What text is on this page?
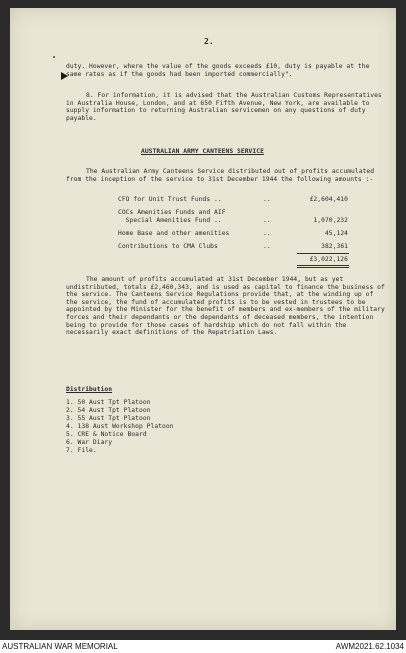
2.
duty. However, where the value of the goods exceeds £10, duty is payable at the same rates as if the goods had been imported commercially".
8. For information, it is advised that the Australian Customs Representatives in Australia House, London, and at 650 Fifth Avenue, New York, are available to supply information to returning Australian servicemen on any questions of duty payable.
AUSTRALIAN ARMY CANTEENS SERVICE
The Australian Army Canteens Service distributed out of profits accumulated from the inception of the service to 31st December 1944 the following amounts :-
CFO for Unit Trust Funds ..	..	£2,604,410
COCs Amenities Funds and AIF
Special Amenities Fund ..	..	1,070,232
Home Base and other amenities	..	45,124
Contributions to CMA Clubs	..	382,361
£3,022,126
The amount of profits accumulated at 31st December 1944, but as yet undistributed, totals £2,460,343, and is used as capital to finance the business of the service. The Canteens Service Regulations provide that, at the winding up of the service, the fund of accumulated profits is to be vested in trustees to be appointed by the Minister for the benefit of members and ex-members of the military forces and their dependants or the dependants of deceased members, the intention being to provide for those cases of hardship which do not fall within the necessarily exact definitions of the Repatriation Laws.
Distribution
1. 50 Aust Tpt Platoon
2. 54 Aust Tpt Platoon
3. 55 Aust Tpt Platoon
4. 138 Aust Workshop Platoon
5. CRE & Notice Board
6. War Diary
7. File.
AUSTRALIAN WAR MEMORIAL	AWM2021.62.1034
